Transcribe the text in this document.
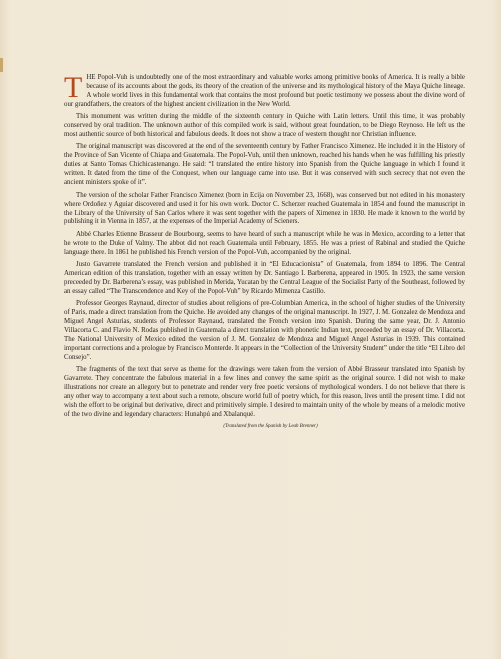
THE Popol-Vuh is undoubtedly one of the most extraordinary and valuable works among primitive books of America. It is really a bible because of its accounts about the gods, its theory of the creation of the universe and its mythological history of the Maya Quiche lineage. A whole world lives in this fundamental work that contains the most profound but poetic testimony we possess about the divine word of our grandfathers, the creators of the highest ancient civilization in the New World.

This monument was written during the middle of the sixteenth century in Quiche with Latin letters. Until this time, it was probably conserved by oral tradition. The unknown author of this compiled work is said, without great foundation, to be Diego Reynoso. He left us the most authentic source of both historical and fabulous deeds. It does not show a trace of western thought nor Christian influence.

The original manuscript was discovered at the end of the seventeenth century by Father Francisco Ximenez. He included it in the History of the Province of San Vicente of Chiapa and Guatemala. The Popol-Vuh, until then unknown, reached his hands when he was fulfilling his priestly duties at Santo Tomas Chichicastenango. He said: “I translated the entire history into Spanish from the Quiche language in which I found it written. It dated from the time of the Conquest, when our language came into use. But it was conserved with such secrecy that not even the ancient ministers spoke of it”.

The version of the scholar Father Francisco Ximenez (born in Ecija on November 23, 1668), was conserved but not edited in his monastery where Ordoñez y Aguiar discovered and used it for his own work. Doctor C. Scherzer reached Guatemala in 1854 and found the manuscript in the Library of the University of San Carlos where it was sent together with the papers of Ximenez in 1830. He made it known to the world by publishing it in Vienna in 1857, at the expenses of the Imperial Academy of Scieners.

Abbé Charles Etienne Brasseur de Bourbourg, seems to have heard of such a manuscript while he was in Mexico, according to a letter that he wrote to the Duke of Valmy. The abbot did not reach Guatemala until February, 1855. He was a priest of Rabinal and studied the Quiche language there. In 1861 he published his French version of the Popol-Vuh, accompanied by the original.

Justo Gavarrete translated the French version and published it in “El Educacionista” of Guatemala, from 1894 to 1896. The Central American edition of this translation, together with an essay written by Dr. Santiago I. Barberena, appeared in 1905. In 1923, the same version preceeded by Dr. Barberena’s essay, was published in Merida, Yucatan by the Central League of the Socialist Party of the Southeast, followed by an essay called “The Transcendence and Key of the Popol-Vuh” by Ricardo Mimenza Castillo.

Professor Georges Raynaud, director of studies about religions of pre-Columbian America, in the school of higher studies of the University of Paris, made a direct translation from the Quiche. He avoided any changes of the original manuscript. In 1927, J. M. Gonzalez de Mendoza and Miguel Angel Asturias, students of Professor Raynaud, translated the French version into Spanish. During the same year, Dr. J. Antonio Villacorta C. and Flavio N. Rodas published in Guatemala a direct translation with phonetic Indian text, preceeded by an essay of Dr. Villacorta. The National University of Mexico edited the version of J. M. Gonzalez de Mendoza and Miguel Angel Asturias in 1939. This contained important corrections and a prologue by Francisco Monterde. It appears in the “Collection of the University Student” under the title “El Libro del Consejo”.

The fragments of the text that serve as theme for the drawings were taken from the version of Abbé Brasseur translated into Spanish by Gavarrete. They concentrate the fabulous material in a few lines and convey the same spirit as the original source. I did not wish to make illustrations nor create an allegory but to penetrate and render very free poetic versions of mythological wonders. I do not believe that there is any other way to accompany a text about such a remote, obscure world full of poetry which, for this reason, lives until the present time. I did not wish the effort to be original but derivative, direct and primitively simple. I desired to maintain unity of the whole by means of a melodic motive of the two divine and legendary characters: Hunahpú and Xbalanqué.

(Translated from the Spanish by Leah Brenner)
